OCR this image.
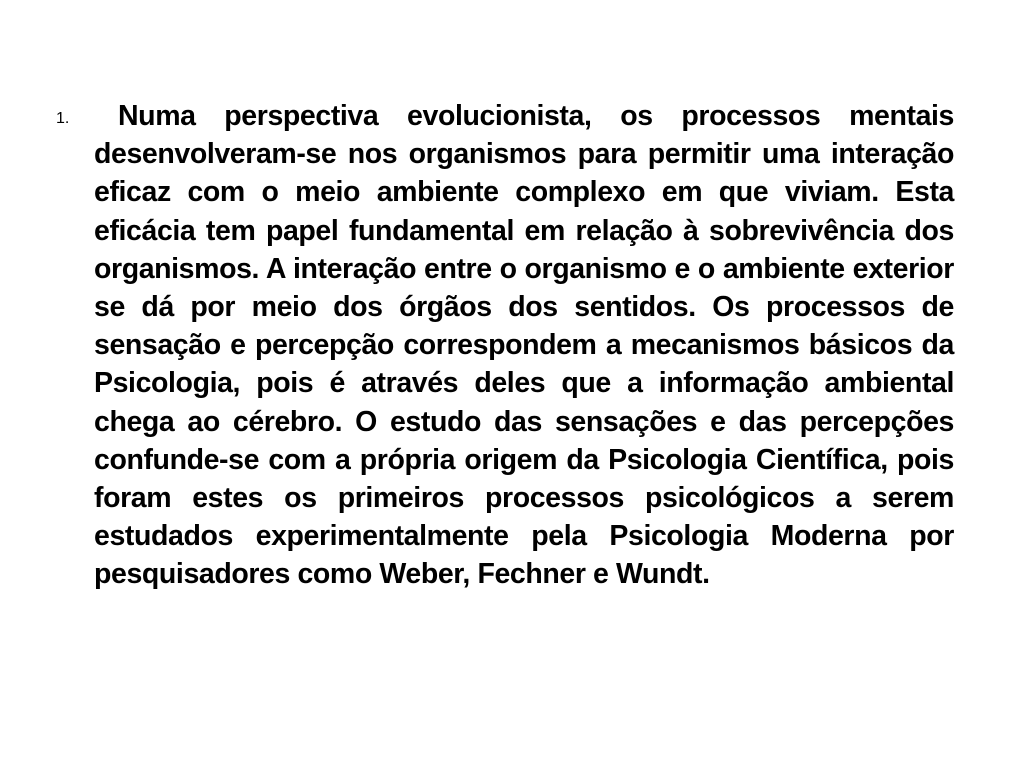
1.	Numa perspectiva evolucionista, os processos mentais desenvolveram-se nos organismos para permitir uma interação eficaz com o meio ambiente complexo em que viviam. Esta eficácia tem papel fundamental em relação à sobrevivência dos organismos. A interação entre o organismo e o ambiente exterior se dá por meio dos órgãos dos sentidos. Os processos de sensação e percepção correspondem a mecanismos básicos da Psicologia, pois é através deles que a informação ambiental chega ao cérebro. O estudo das sensações e das percepções confunde-se com a própria origem da Psicologia Científica, pois foram estes os primeiros processos psicológicos a serem estudados experimentalmente pela Psicologia Moderna por pesquisadores como Weber, Fechner e Wundt.
